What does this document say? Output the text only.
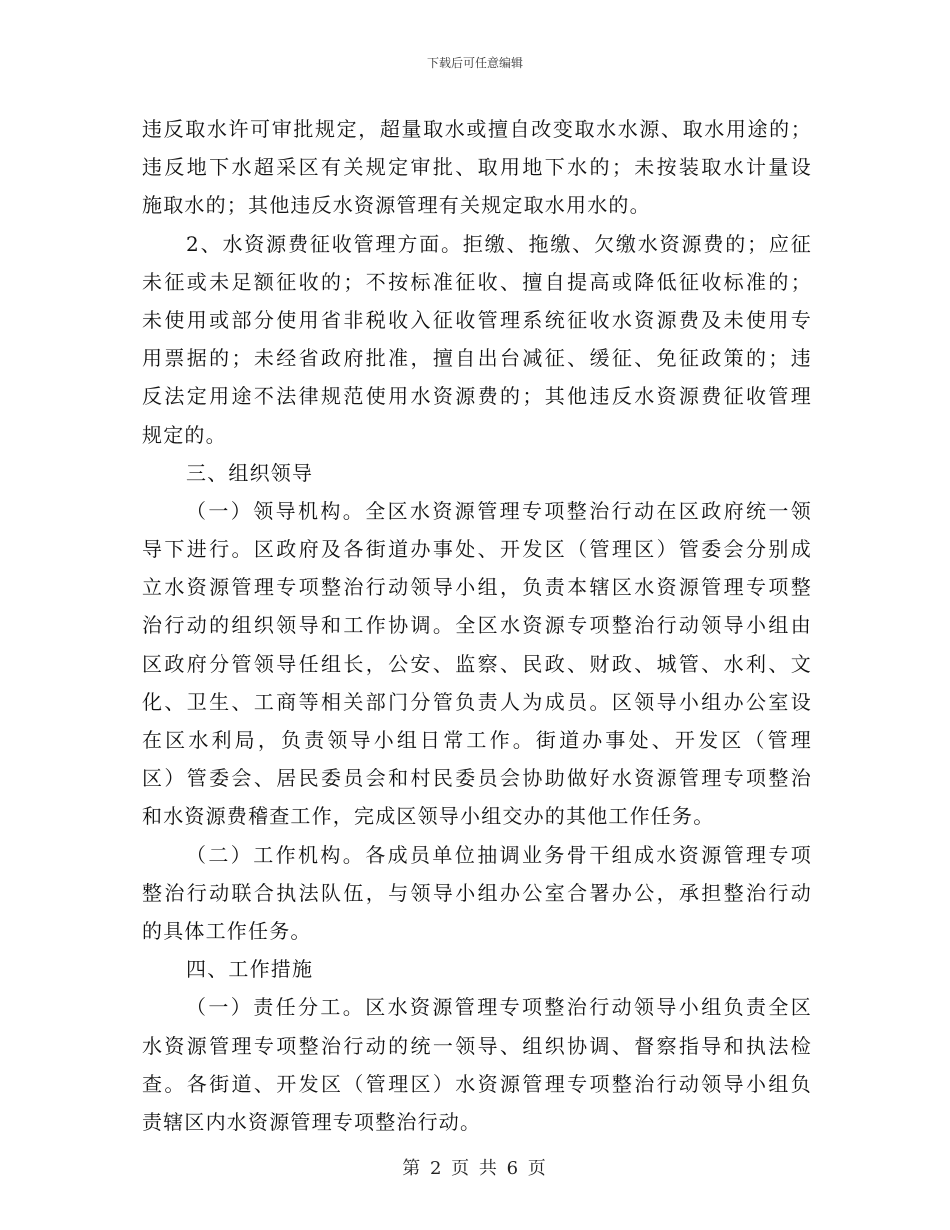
下载后可任意编辑
违反取水许可审批规定，超量取水或擅自改变取水水源、取水用途的；
违反地下水超采区有关规定审批、取用地下水的；未按装取水计量设
施取水的；其他违反水资源管理有关规定取水用水的。
2、水资源费征收管理方面。拒缴、拖缴、欠缴水资源费的；应征
未征或未足额征收的；不按标准征收、擅自提高或降低征收标准的；
未使用或部分使用省非税收入征收管理系统征收水资源费及未使用专
用票据的；未经省政府批准，擅自出台减征、缓征、免征政策的；违
反法定用途不法律规范使用水资源费的；其他违反水资源费征收管理
规定的。
三、组织领导
（一）领导机构。全区水资源管理专项整治行动在区政府统一领
导下进行。区政府及各街道办事处、开发区（管理区）管委会分别成
立水资源管理专项整治行动领导小组，负责本辖区水资源管理专项整
治行动的组织领导和工作协调。全区水资源专项整治行动领导小组由
区政府分管领导任组长，公安、监察、民政、财政、城管、水利、文
化、卫生、工商等相关部门分管负责人为成员。区领导小组办公室设
在区水利局，负责领导小组日常工作。街道办事处、开发区（管理
区）管委会、居民委员会和村民委员会协助做好水资源管理专项整治
和水资源费稽查工作，完成区领导小组交办的其他工作任务。
（二）工作机构。各成员单位抽调业务骨干组成水资源管理专项
整治行动联合执法队伍，与领导小组办公室合署办公，承担整治行动
的具体工作任务。
四、工作措施
（一）责任分工。区水资源管理专项整治行动领导小组负责全区
水资源管理专项整治行动的统一领导、组织协调、督察指导和执法检
查。各街道、开发区（管理区）水资源管理专项整治行动领导小组负
责辖区内水资源管理专项整治行动。
第 2 页 共 6 页
